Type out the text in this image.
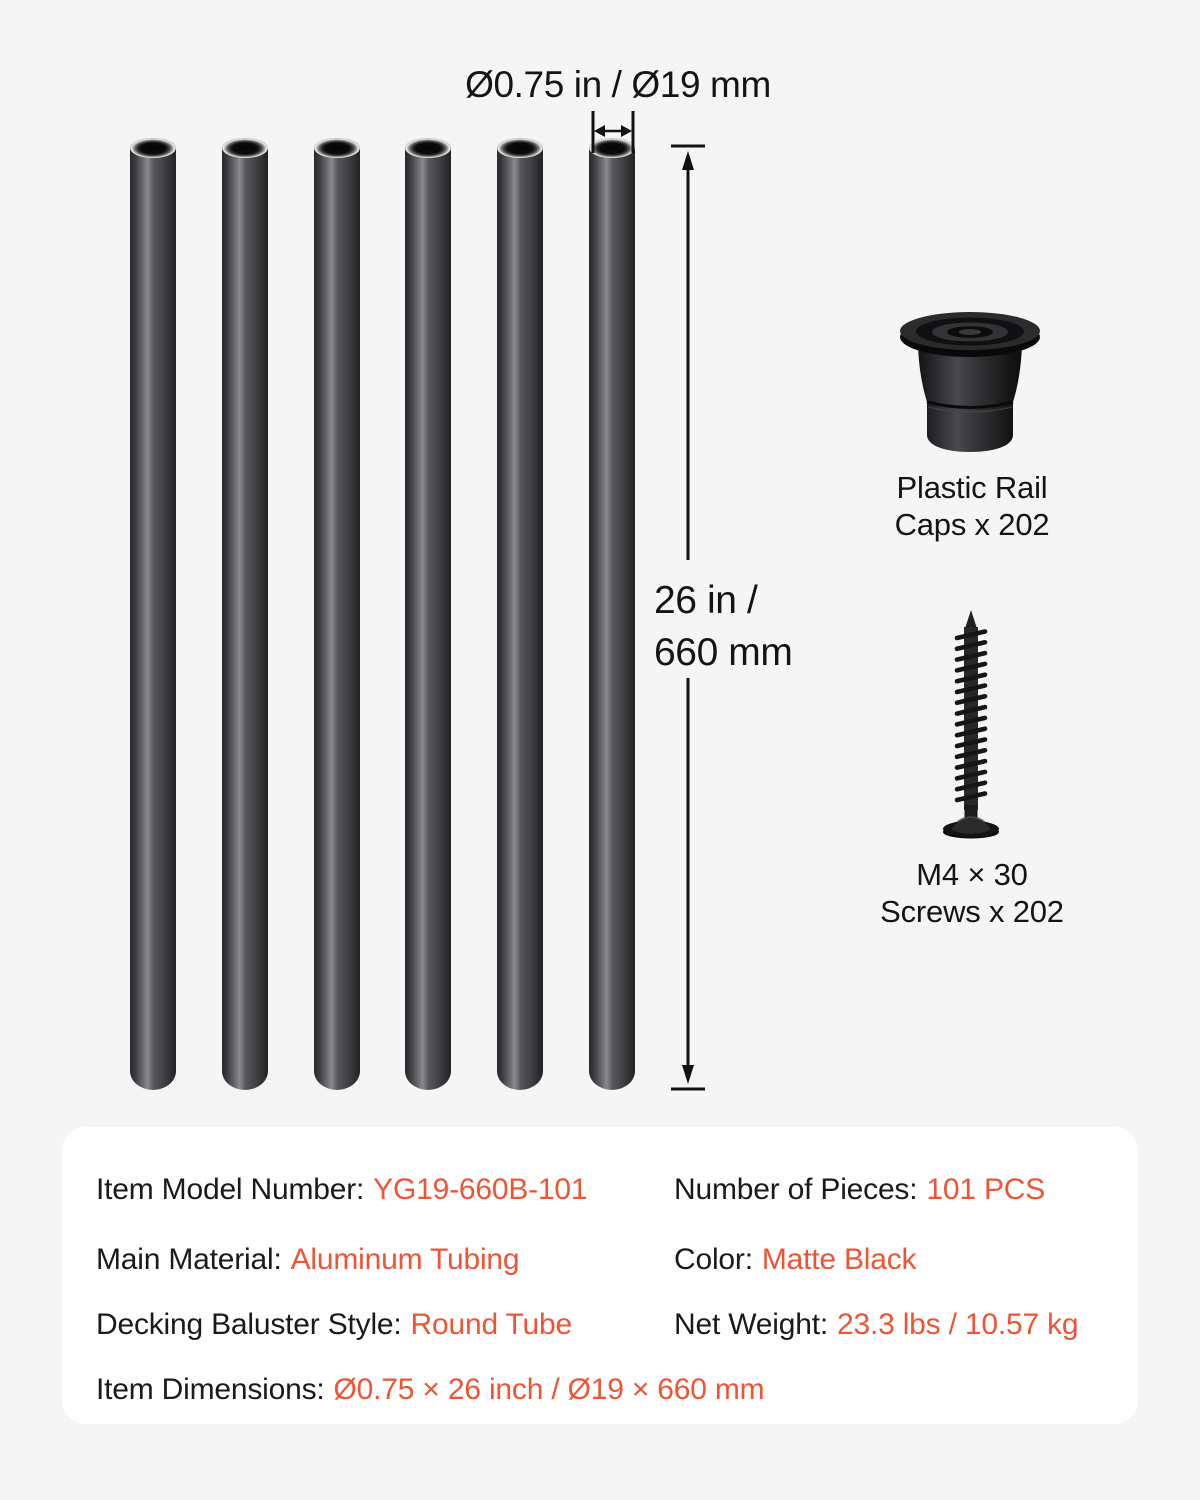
Ø0.75 in / Ø19 mm
26 in /
660 mm
Plastic Rail
Caps x 202
M4 × 30
Screws x 202
Item Model Number: YG19-660B-101	Number of Pieces: 101 PCS
Main Material: Aluminum Tubing	Color: Matte Black
Decking Baluster Style: Round Tube	Net Weight: 23.3 lbs / 10.57 kg
Item Dimensions: Ø0.75 × 26 inch / Ø19 × 660 mm
